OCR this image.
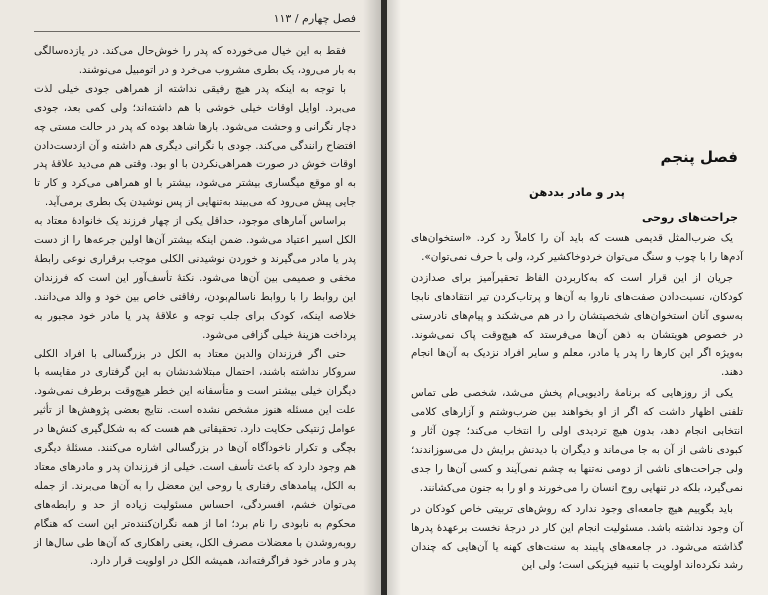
فصل چهارم / ۱۱۳

فقط به این خیال می‌خورده که پدر را خوش‌حال می‌کند. در یازده‌سالگی به بار می‌رود، یک بطری مشروب می‌خرد و در اتومبیل می‌نوشند.

با توجه به اینکه پدر هیچ رفیقی نداشته از همراهی جودی خیلی لذت می‌برد. اوایل اوقات خیلی خوشی با هم داشته‌اند؛ ولی کمی بعد، جودی دچار نگرانی و وحشت می‌شود. بارها شاهد بوده که پدر در حالت مستی چه افتضاح رانندگی می‌کند. جودی با نگرانی دیگری هم داشته و آن ازدست‌دادن اوقات خوش در صورت همراهی‌نکردن با او بود. وقتی هم می‌دید علاقهٔ پدر به او موقع میگساری بیشتر می‌شود، بیشتر با او همراهی می‌کرد و کار تا جایی پیش می‌رود که می‌بیند به‌تنهایی از پس نوشیدن یک بطری برمی‌آید.

براساس آمارهای موجود، حداقل یکی از چهار فرزند یک خانوادهٔ معتاد به الکل اسیر اعتیاد می‌شود. ضمن اینکه بیشتر آن‌ها اولین جرعه‌ها را از دست پدر یا مادر می‌گیرند و خوردن نوشیدنی الکلی موجب برقراری نوعی رابطهٔ مخفی و صمیمی بین آن‌ها می‌شود. نکتهٔ تأسف‌آور این است که فرزندان این روابط را با روابط ناسالم‌بودن، رفاقتی خاص بین خود و والد می‌دانند. خلاصه اینکه، کودک برای جلب توجه و علاقهٔ پدر یا مادر خود مجبور به پرداخت هزینهٔ خیلی گزافی می‌شود.

حتی اگر فرزندان والدین معتاد به الکل در بزرگسالی با افراد الکلی سروکار نداشته باشند، احتمال مبتلاشدنشان به این گرفتاری در مقایسه با دیگران خیلی بیشتر است و متأسفانه این خطر هیچ‌وقت برطرف نمی‌شود. علت این مسئله هنوز مشخص نشده است. نتایج بعضی پژوهش‌ها از تأثیر عوامل ژنتیکی حکایت دارد. تحقیقاتی هم هست که به شکل‌گیری کنش‌ها در بچگی و تکرار ناخودآگاه آن‌ها در بزرگسالی اشاره می‌کنند. مسئلهٔ دیگری هم وجود دارد که باعث تأسف است. خیلی از فرزندان پدر و مادرهای معتاد به الکل، پیامدهای رفتاری یا روحی این معضل را به آن‌ها می‌برند. از جمله می‌توان خشم، افسردگی، احساس مسئولیت زیاده از حد و رابطه‌های محکوم به نابودی را نام برد؛ اما از همه نگران‌کننده‌تر این است که هنگام روبه‌روشدن با معضلات مصرف الکل، یعنی راهکاری که آن‌ها طی سال‌ها از پدر و مادر خود فراگرفته‌اند، همیشه الکل در اولویت قرار دارد.

فصل پنجم
پدر و مادر بددهن
جراحت‌های روحی

یک ضرب‌المثل قدیمی هست که باید آن را کاملاً رد کرد. «استخوان‌های آدم‌ها را با چوب و سنگ می‌توان خردوخاکشیر کرد، ولی با حرف نمی‌توان».

جریان از این قرار است که به‌کاربردن الفاظ تحقیرآمیز برای صدازدن کودکان، نسبت‌دادن صفت‌های ناروا به آن‌ها و پرتاب‌کردن تیر انتقادهای نابجا به‌سوی آنان استخوان‌های شخصیتشان را در هم می‌شکند و پیام‌های نادرستی در خصوص هویتشان به ذهن آن‌ها می‌فرستد که هیچ‌وقت پاک نمی‌شوند. به‌ویژه اگر این کارها را پدر یا مادر، معلم و سایر افراد نزدیک به آن‌ها انجام دهند.

یکی از روزهایی که برنامهٔ رادیویی‌ام پخش می‌شد، شخصی طی تماس تلفنی اظهار داشت که اگر از او بخواهند بین ضرب‌وشتم و آزارهای کلامی انتخابی انجام دهد، بدون هیچ تردیدی اولی را انتخاب می‌کند؛ چون آثار و کبودی ناشی از آن به جا می‌ماند و دیگران با دیدنش برایش دل می‌سوزاندند؛ ولی جراحت‌های ناشی از دومی نه‌تنها به چشم نمی‌آیند و کسی آن‌ها را جدی نمی‌گیرد، بلکه در تنهایی روح انسان را می‌خورند و او را به جنون می‌کشانند.

باید بگوییم هیچ جامعه‌ای وجود ندارد که روش‌های تربیتی خاص کودکان در آن وجود نداشته باشد. مسئولیت انجام این کار در درجهٔ نخست برعهدهٔ پدرها گذاشته می‌شود. در جامعه‌های پایبند به سنت‌های کهنه یا آن‌هایی که چندان رشد نکرده‌اند اولویت با تنبیه فیزیکی است؛ ولی این
